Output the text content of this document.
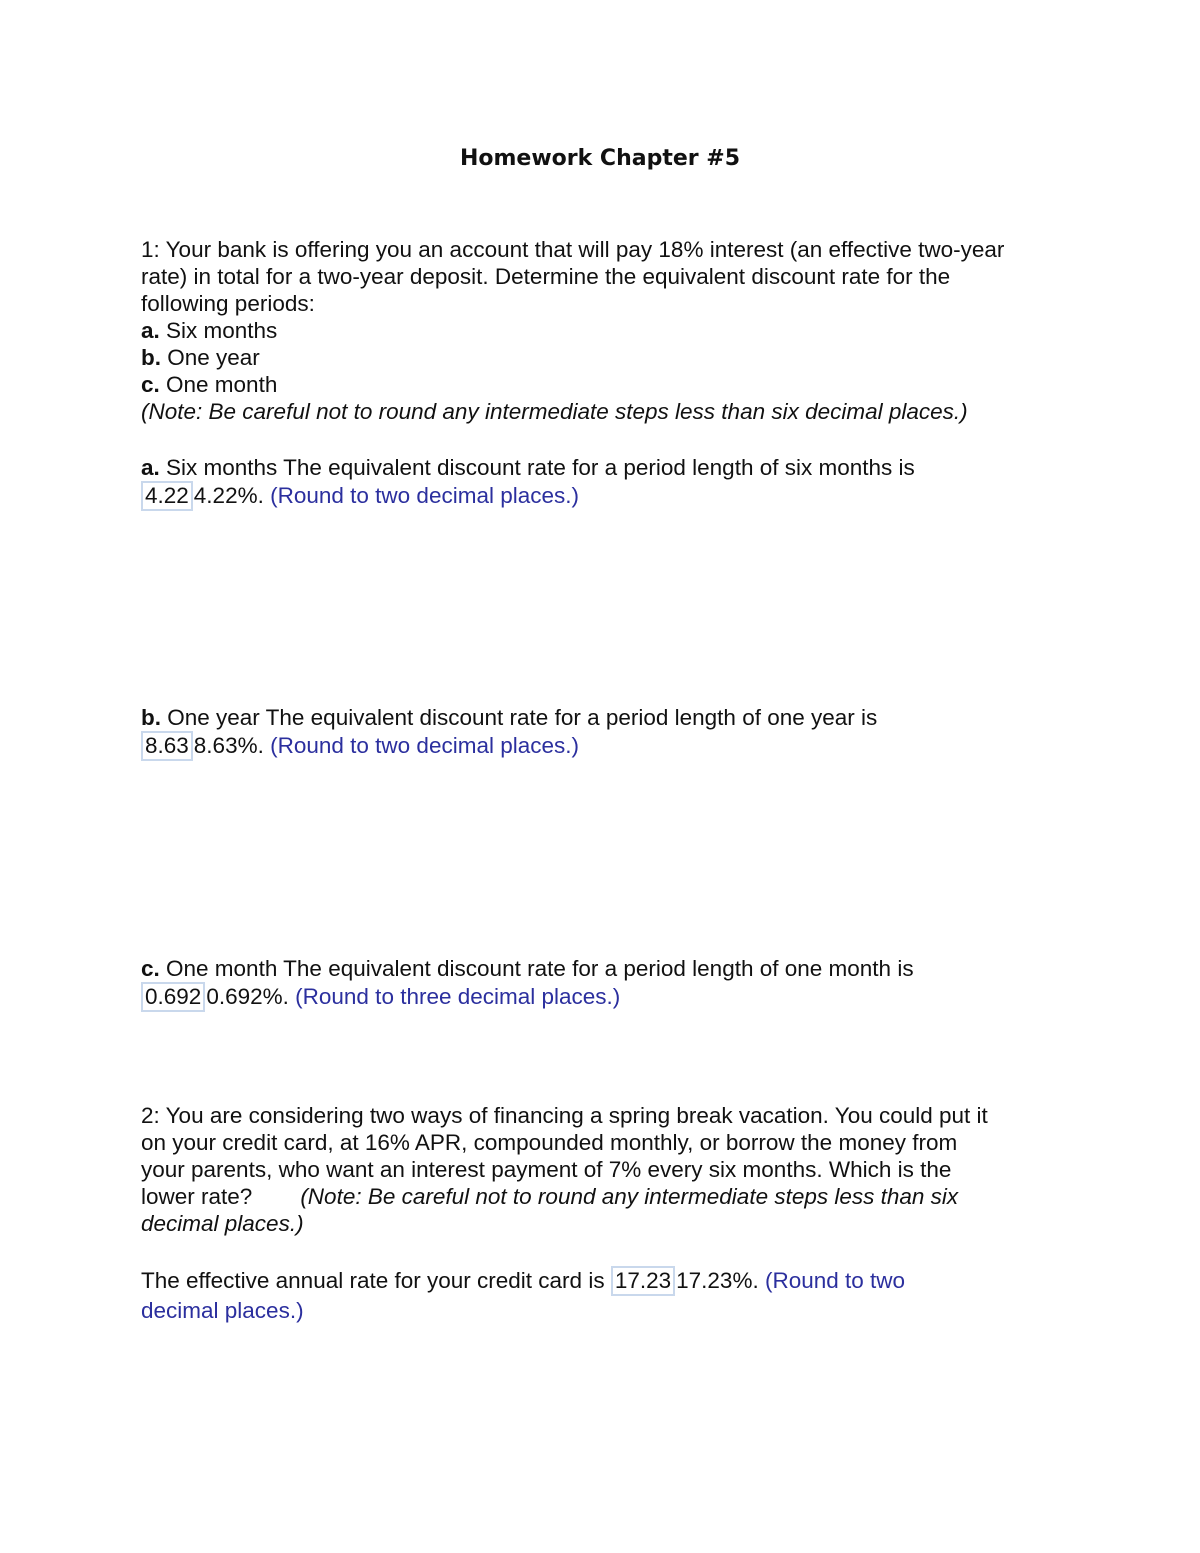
Homework Chapter #5
1: Your bank is offering you an account that will pay 18% interest (an effective two-year
rate) in total for a two-year deposit. Determine the equivalent discount rate for the
following periods:
a. Six months
b. One year
c. One month
(Note: Be careful not to round any intermediate steps less than six decimal places.)
a. Six months The equivalent discount rate for a period length of six months is
4.22 4.22%. (Round to two decimal places.)
b. One year The equivalent discount rate for a period length of one year is
8.63 8.63%. (Round to two decimal places.)
c. One month The equivalent discount rate for a period length of one month is
0.692 0.692%. (Round to three decimal places.)
2: You are considering two ways of financing a spring break vacation. You could put it
on your credit card, at 16% APR, compounded monthly, or borrow the money from
your parents, who want an interest payment of 7% every six months. Which is the
lower rate? (Note: Be careful not to round any intermediate steps less than six
decimal places.)
The effective annual rate for your credit card is 17.23 17.23%. (Round to two
decimal places.)
